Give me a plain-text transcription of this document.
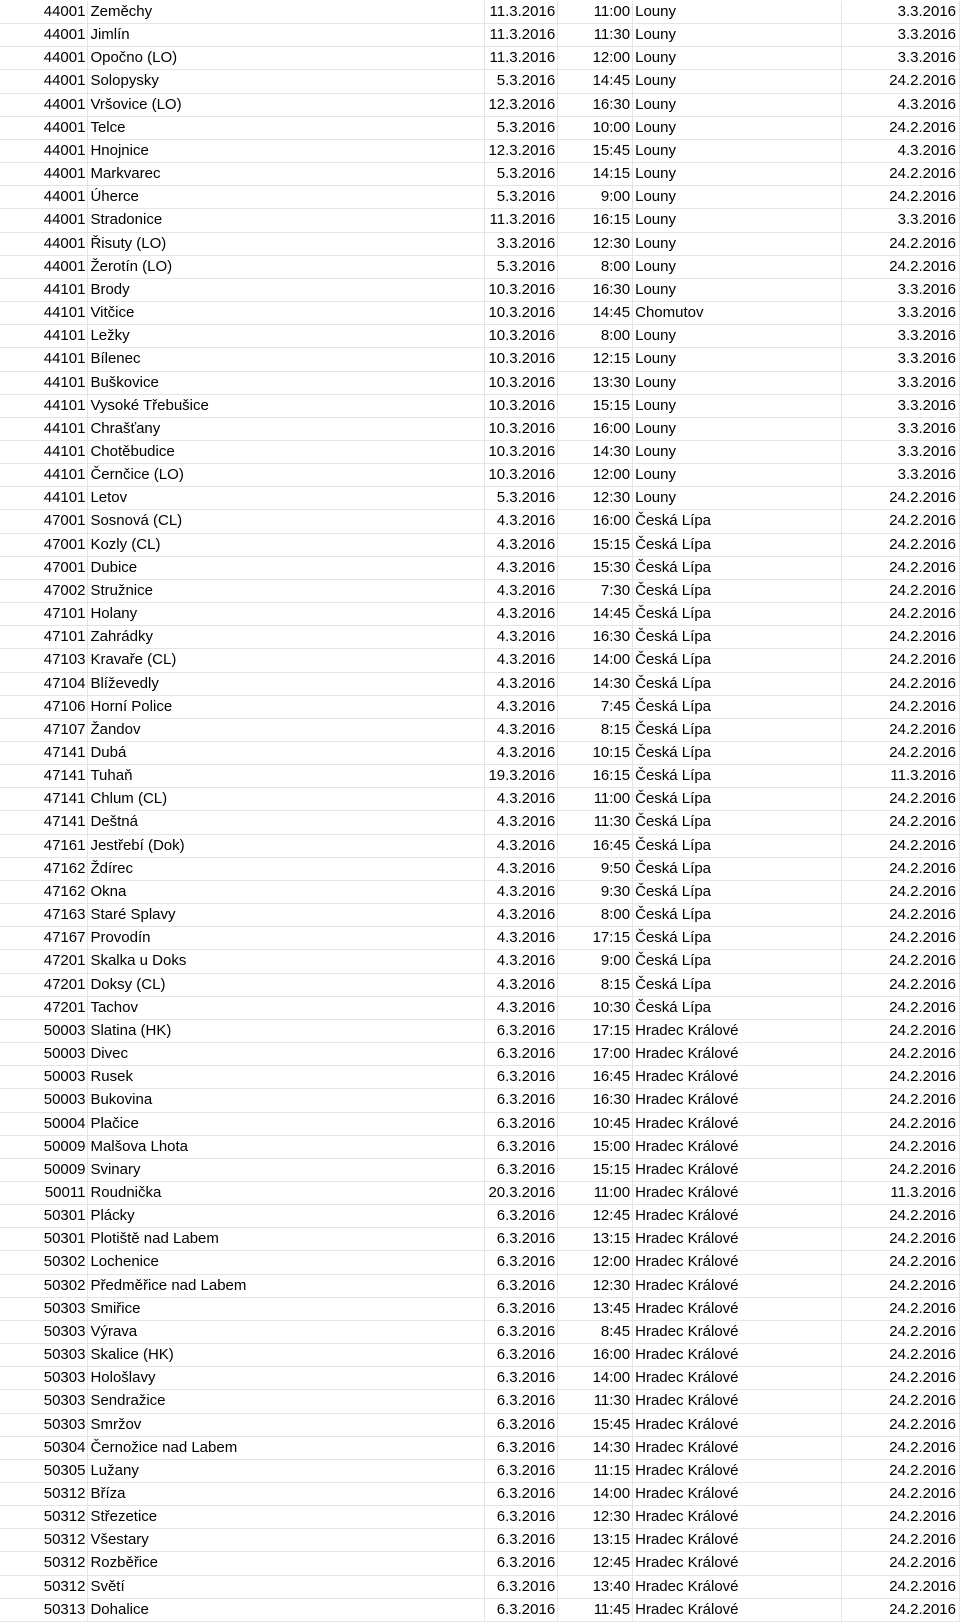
44001	Zeměchy	11.3.2016	11:00	Louny	3.3.2016
44001	Jimlín	11.3.2016	11:30	Louny	3.3.2016
44001	Opočno (LO)	11.3.2016	12:00	Louny	3.3.2016
44001	Solopysky	5.3.2016	14:45	Louny	24.2.2016
44001	Vršovice (LO)	12.3.2016	16:30	Louny	4.3.2016
44001	Telce	5.3.2016	10:00	Louny	24.2.2016
44001	Hnojnice	12.3.2016	15:45	Louny	4.3.2016
44001	Markvarec	5.3.2016	14:15	Louny	24.2.2016
44001	Úherce	5.3.2016	9:00	Louny	24.2.2016
44001	Stradonice	11.3.2016	16:15	Louny	3.3.2016
44001	Řisuty (LO)	3.3.2016	12:30	Louny	24.2.2016
44001	Žerotín (LO)	5.3.2016	8:00	Louny	24.2.2016
44101	Brody	10.3.2016	16:30	Louny	3.3.2016
44101	Vitčice	10.3.2016	14:45	Chomutov	3.3.2016
44101	Ležky	10.3.2016	8:00	Louny	3.3.2016
44101	Bílenec	10.3.2016	12:15	Louny	3.3.2016
44101	Buškovice	10.3.2016	13:30	Louny	3.3.2016
44101	Vysoké Třebušice	10.3.2016	15:15	Louny	3.3.2016
44101	Chrašťany	10.3.2016	16:00	Louny	3.3.2016
44101	Chotěbudice	10.3.2016	14:30	Louny	3.3.2016
44101	Černčice (LO)	10.3.2016	12:00	Louny	3.3.2016
44101	Letov	5.3.2016	12:30	Louny	24.2.2016
47001	Sosnová (CL)	4.3.2016	16:00	Česká Lípa	24.2.2016
47001	Kozly (CL)	4.3.2016	15:15	Česká Lípa	24.2.2016
47001	Dubice	4.3.2016	15:30	Česká Lípa	24.2.2016
47002	Stružnice	4.3.2016	7:30	Česká Lípa	24.2.2016
47101	Holany	4.3.2016	14:45	Česká Lípa	24.2.2016
47101	Zahrádky	4.3.2016	16:30	Česká Lípa	24.2.2016
47103	Kravaře (CL)	4.3.2016	14:00	Česká Lípa	24.2.2016
47104	Blíževedly	4.3.2016	14:30	Česká Lípa	24.2.2016
47106	Horní Police	4.3.2016	7:45	Česká Lípa	24.2.2016
47107	Žandov	4.3.2016	8:15	Česká Lípa	24.2.2016
47141	Dubá	4.3.2016	10:15	Česká Lípa	24.2.2016
47141	Tuhaň	19.3.2016	16:15	Česká Lípa	11.3.2016
47141	Chlum (CL)	4.3.2016	11:00	Česká Lípa	24.2.2016
47141	Deštná	4.3.2016	11:30	Česká Lípa	24.2.2016
47161	Jestřebí (Dok)	4.3.2016	16:45	Česká Lípa	24.2.2016
47162	Ždírec	4.3.2016	9:50	Česká Lípa	24.2.2016
47162	Okna	4.3.2016	9:30	Česká Lípa	24.2.2016
47163	Staré Splavy	4.3.2016	8:00	Česká Lípa	24.2.2016
47167	Provodín	4.3.2016	17:15	Česká Lípa	24.2.2016
47201	Skalka u Doks	4.3.2016	9:00	Česká Lípa	24.2.2016
47201	Doksy (CL)	4.3.2016	8:15	Česká Lípa	24.2.2016
47201	Tachov	4.3.2016	10:30	Česká Lípa	24.2.2016
50003	Slatina (HK)	6.3.2016	17:15	Hradec Králové	24.2.2016
50003	Divec	6.3.2016	17:00	Hradec Králové	24.2.2016
50003	Rusek	6.3.2016	16:45	Hradec Králové	24.2.2016
50003	Bukovina	6.3.2016	16:30	Hradec Králové	24.2.2016
50004	Plačice	6.3.2016	10:45	Hradec Králové	24.2.2016
50009	Malšova Lhota	6.3.2016	15:00	Hradec Králové	24.2.2016
50009	Svinary	6.3.2016	15:15	Hradec Králové	24.2.2016
50011	Roudnička	20.3.2016	11:00	Hradec Králové	11.3.2016
50301	Plácky	6.3.2016	12:45	Hradec Králové	24.2.2016
50301	Plotiště nad Labem	6.3.2016	13:15	Hradec Králové	24.2.2016
50302	Lochenice	6.3.2016	12:00	Hradec Králové	24.2.2016
50302	Předměřice nad Labem	6.3.2016	12:30	Hradec Králové	24.2.2016
50303	Smiřice	6.3.2016	13:45	Hradec Králové	24.2.2016
50303	Výrava	6.3.2016	8:45	Hradec Králové	24.2.2016
50303	Skalice (HK)	6.3.2016	16:00	Hradec Králové	24.2.2016
50303	Hološlavy	6.3.2016	14:00	Hradec Králové	24.2.2016
50303	Sendražice	6.3.2016	11:30	Hradec Králové	24.2.2016
50303	Smržov	6.3.2016	15:45	Hradec Králové	24.2.2016
50304	Černožice nad Labem	6.3.2016	14:30	Hradec Králové	24.2.2016
50305	Lužany	6.3.2016	11:15	Hradec Králové	24.2.2016
50312	Bříza	6.3.2016	14:00	Hradec Králové	24.2.2016
50312	Střezetice	6.3.2016	12:30	Hradec Králové	24.2.2016
50312	Všestary	6.3.2016	13:15	Hradec Králové	24.2.2016
50312	Rozběřice	6.3.2016	12:45	Hradec Králové	24.2.2016
50312	Světí	6.3.2016	13:40	Hradec Králové	24.2.2016
50313	Dohalice	6.3.2016	11:45	Hradec Králové	24.2.2016
